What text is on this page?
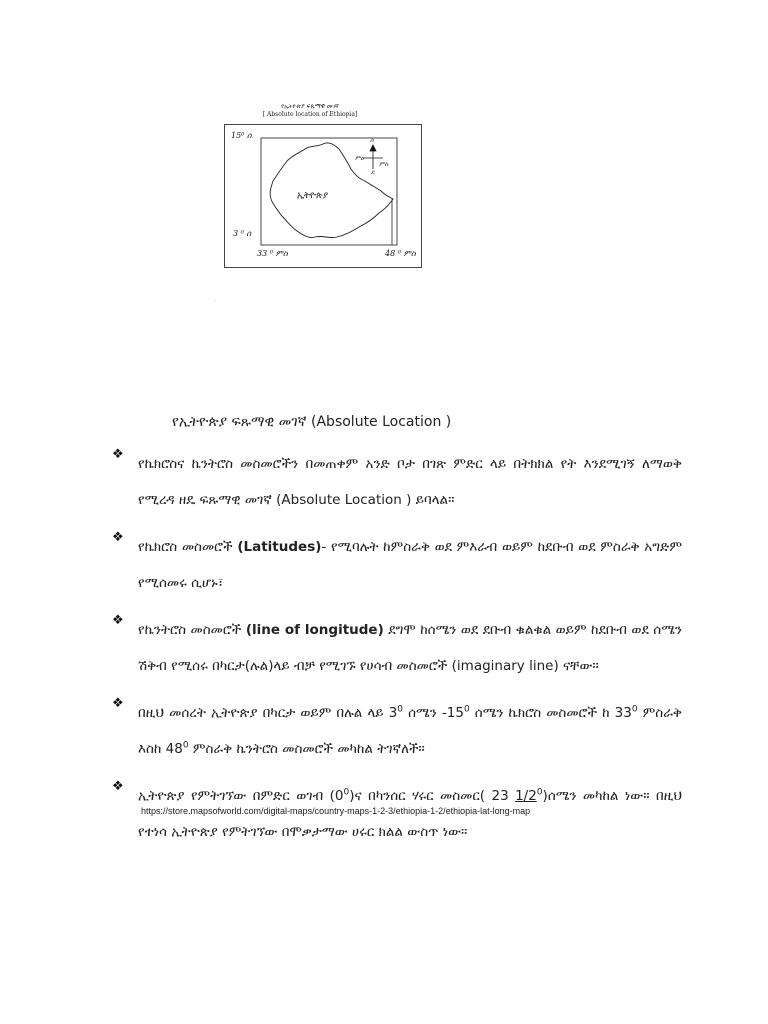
የኢትዮጵያ ፍጹማዊ መገኛ
[ Absolute location of Ethiopia]
15⁰ ሰ
3 ⁰ ሰ
33 ⁰ ምስ	48 ⁰ ምስ
ኢትዮጵያ
ሰ
ምዕ
ምስ
ደ
.
የኢትዮጵያ ፍጹማዊ መገኛ (Absolute Location )
❖

የኬክሮስና ኬንትሮስ መስመሮችን በመጠቀም አንድ ቦታ በገጽ ምድር ላይ በትክክል የት እንደሚገኝ ለማወቅ የሚረዳ ዘዴ ፍጹማዊ መገኛ (Absolute Location ) ይባላል።

❖

የኬክሮስ መስመሮች (Latitudes)- የሚባሉት ከምስራቅ ወደ ምእራብ ወይም ከደቡብ ወደ ምስራቅ አግድም የሚሰመሩ ሲሆኑ፣

❖

የኬንትሮስ መስመሮች (line of longitude) ደግሞ ከሰሜን ወደ ደቡብ ቁልቁል ወይም ከደቡብ ወደ ሰሜን ሽቅብ የሚሰሩ በካርታ(ሉል)ላይ ብቻ የሚገኙ የሀሳብ መስመሮች (imaginary line) ናቸው።

❖

በዚህ መሰረት ኢትዮጵያ በካርታ ወይም በሉል ላይ $3^0$ ሰሜን $-15^0$ ሰሜን ኬክሮስ መስመሮች ከ $33^0$ ምስራቅ እስከ $48^0$ ምስራቅ ኬንትሮስ መስመሮች መካከል ትገኛለች።

❖

ኢትዮጵያ የምትገኘው በምድር ወገብ $(0^0)ና$ በካንሰር ሃሩር መስመር( 23 $1/2^0)ሰሜን$ መካከል ነው። በዚህ የተነሳ ኢትዮጵያ የምትገኘው በሞቃታማው ሀሩር ክልል ውስጥ ነው።

https://store.mapsofworld.com/digital-maps/country-maps-1-2-3/ethiopia-1-2/ethiopia-lat-long-map
